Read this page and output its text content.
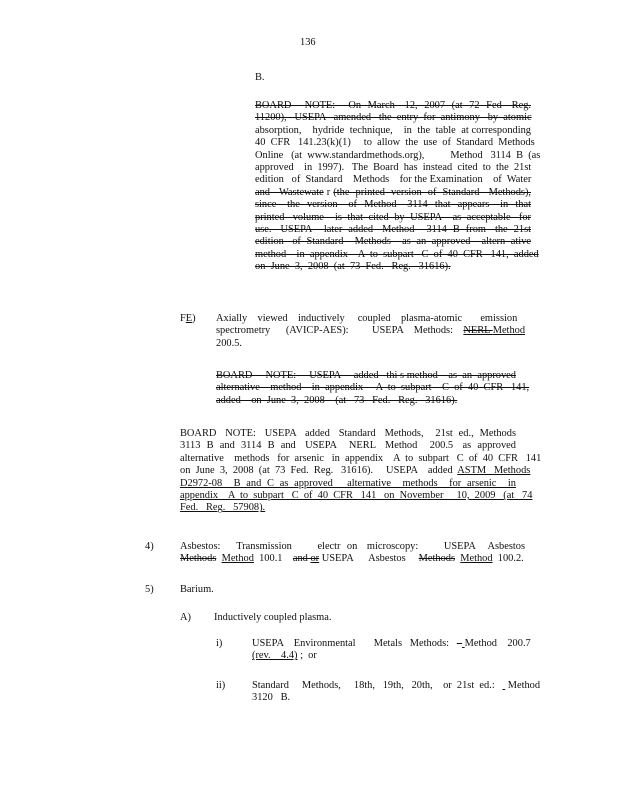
136
B.
BOARD    NOTE:    On  March   12,  2007  (at  72  Fed   Reg.
11200),   USEPA   amended   the  entry  for  antimony   by  atomic
absorption,    hydride  technique,    in  the  table  at corresponding
40  CFR   141.23(k)(1)     to  allow  the  use  of  Standard  Methods
Online   (at  www.standardmethods.org),          Method   3114  B  (as
approved    in  1997).   The  Board  has  instead  cited  to  the  21st
edition   of  Standard    Methods    for the Examination    of  Water
and   Wastewate r (the  printed  version  of  Standard   Methods),
since   the  version   of  Method   3114  that  appears   in  that
printed   volume    is  that  cited  by  USEPA    as  acceptable   for
use.   USEPA    later  added   Method    3114  B  from   the  21st
edition   of  Standard    Methods    as  an  approved    altern  ative
method    in  appendix    A  to  subpart   C  of  40  CFR   141,  added
on  June  3,  2008  (at  73  Fed.   Reg.   31616).
FE) Axially    viewed    inductively     coupled    plasma-atomic       emission
spectrometry      (AVICP-AES):         USEPA    Methods:    NERL Method
200.5.
BOARD     NOTE:     USEPA     added   thi s method    as  an  approved
alternative    method    in  appendix     A  to  subpart    C  of  40  CFR   141,
added    on  June  3,  2008    (at   73   Fed.   Reg.   31616).
BOARD   NOTE:   USEPA   added   Standard   Methods,    21st  ed.,  Methods
3113  B  and  3114  B  and   USEPA    NERL   Method    200.5   as  approved
alternative    methods   for  arsenic   in  appendix    A  to  subpart   C  of  40  CFR   141
on  June  3,  2008  (at  73  Fed.  Reg.   31616).     USEPA    added  ASTM   Methods
D2972-08    B  and  C  as  approved     alternative    methods    for  arsenic    in
appendix    A  to  subpart   C  of  40  CFR   141   on  November     10,  2009   (at   74
Fed.   Reg.   57908).
4)	Asbestos:     Transmission        electr  on   microscopy:        USEPA    Asbestos
Methods Method  100.1    and or USEPA      Asbestos     Methods Method  100.2.
5)	Barium.
A) Inductively coupled plasma.
i)	USEPA    Environmental       Metals   Methods:   – Method    200.7
(rev.    4.4) ;  or
ii)	Standard     Methods,     18th,   19th,   20th,    or  21st  ed.:     Method
3120   B.
